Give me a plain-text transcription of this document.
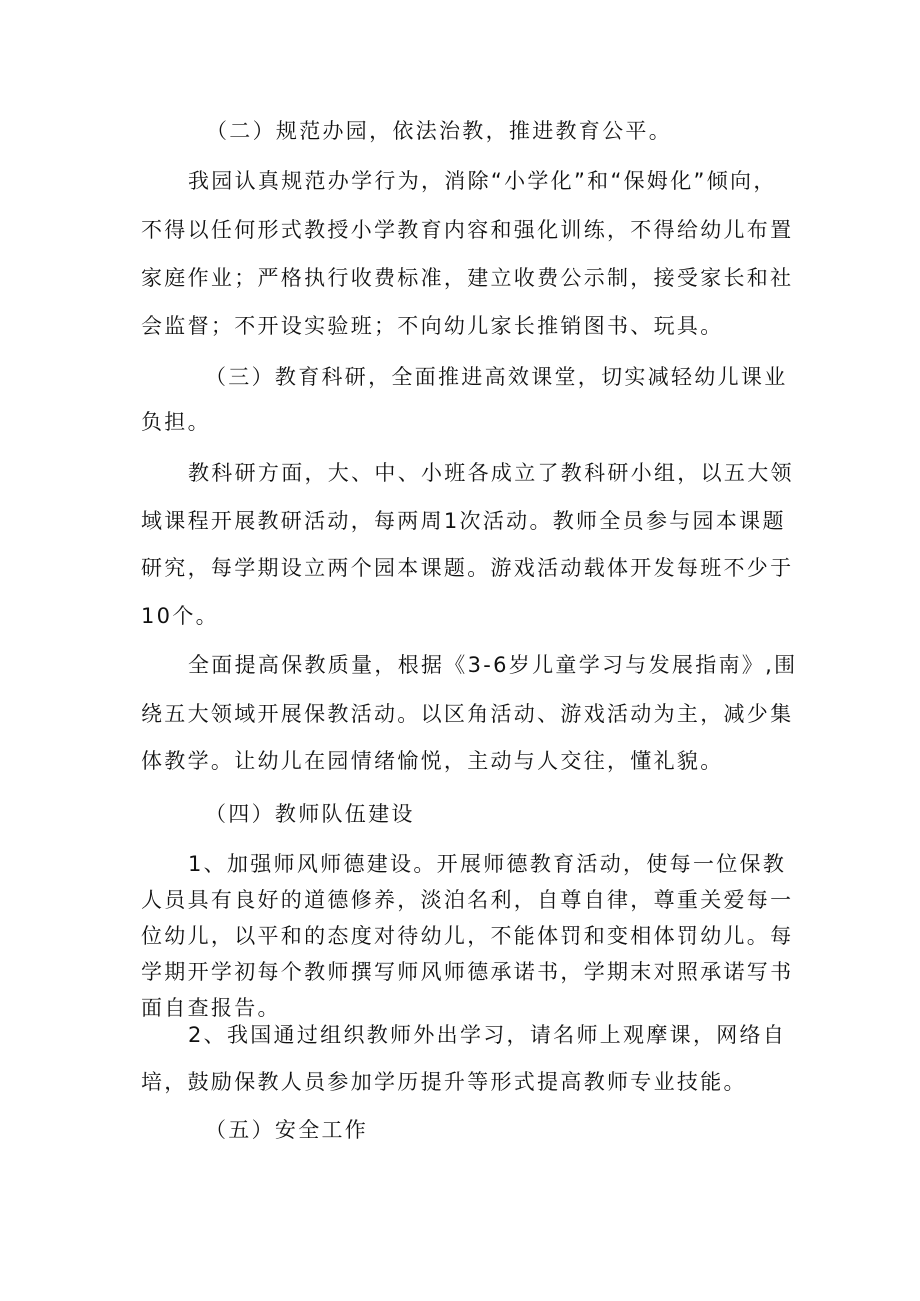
（二）规范办园，依法治教，推进教育公平。
我园认真规范办学行为，消除“小学化”和“保姆化”倾向，
不得以任何形式教授小学教育内容和强化训练，不得给幼儿布置
家庭作业；严格执行收费标准，建立收费公示制，接受家长和社
会监督；不开设实验班；不向幼儿家长推销图书、玩具。
（三）教育科研，全面推进高效课堂，切实减轻幼儿课业
负担。
教科研方面，大、中、小班各成立了教科研小组，以五大领
域课程开展教研活动，每两周1次活动。教师全员参与园本课题
研究，每学期设立两个园本课题。游戏活动载体开发每班不少于
10个。
全面提高保教质量，根据《3-6岁儿童学习与发展指南》,围
绕五大领域开展保教活动。以区角活动、游戏活动为主，减少集
体教学。让幼儿在园情绪愉悦，主动与人交往，懂礼貌。
（四）教师队伍建设
1、加强师风师德建设。开展师德教育活动，使每一位保教
人员具有良好的道德修养，淡泊名利，自尊自律，尊重关爱每一
位幼儿，以平和的态度对待幼儿，不能体罚和变相体罚幼儿。每
学期开学初每个教师撰写师风师德承诺书，学期末对照承诺写书
面自查报告。
2、我国通过组织教师外出学习，请名师上观摩课，网络自
培，鼓励保教人员参加学历提升等形式提高教师专业技能。
（五）安全工作
